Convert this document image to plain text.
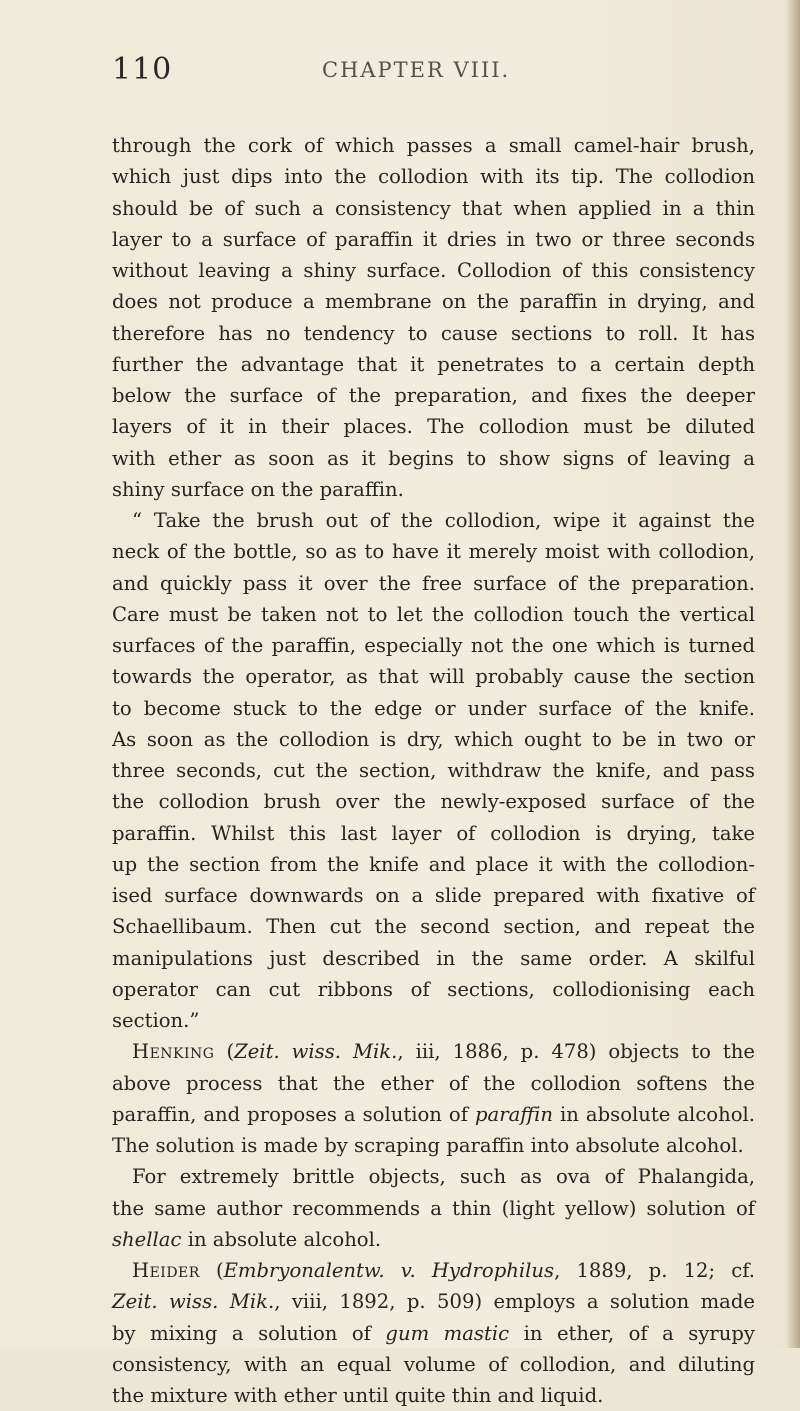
110	CHAPTER VIII.
through the cork of which passes a small camel-hair brush,
which just dips into the collodion with its tip. The collodion
should be of such a consistency that when applied in a thin
layer to a surface of paraffin it dries in two or three seconds
without leaving a shiny surface. Collodion of this consistency
does not produce a membrane on the paraffin in drying, and
therefore has no tendency to cause sections to roll. It has
further the advantage that it penetrates to a certain depth
below the surface of the preparation, and fixes the deeper
layers of it in their places. The collodion must be diluted
with ether as soon as it begins to show signs of leaving a
shiny surface on the paraffin.
“ Take the brush out of the collodion, wipe it against the
neck of the bottle, so as to have it merely moist with collodion,
and quickly pass it over the free surface of the preparation.
Care must be taken not to let the collodion touch the vertical
surfaces of the paraffin, especially not the one which is turned
towards the operator, as that will probably cause the section
to become stuck to the edge or under surface of the knife.
As soon as the collodion is dry, which ought to be in two or
three seconds, cut the section, withdraw the knife, and pass
the collodion brush over the newly-exposed surface of the
paraffin. Whilst this last layer of collodion is drying, take
up the section from the knife and place it with the collodion-
ised surface downwards on a slide prepared with fixative of
Schaellibaum. Then cut the second section, and repeat the
manipulations just described in the same order. A skilful
operator can cut ribbons of sections, collodionising each
section.”
Henking (Zeit. wiss. Mik., iii, 1886, p. 478) objects to the
above process that the ether of the collodion softens the
paraffin, and proposes a solution of paraffin in absolute alcohol.
The solution is made by scraping paraffin into absolute alcohol.
For extremely brittle objects, such as ova of Phalangida,
the same author recommends a thin (light yellow) solution of
shellac in absolute alcohol.
Heider (Embryonalentw. v. Hydrophilus, 1889, p. 12; cf.
Zeit. wiss. Mik., viii, 1892, p. 509) employs a solution made
by mixing a solution of gum mastic in ether, of a syrupy
consistency, with an equal volume of collodion, and diluting
the mixture with ether until quite thin and liquid.
